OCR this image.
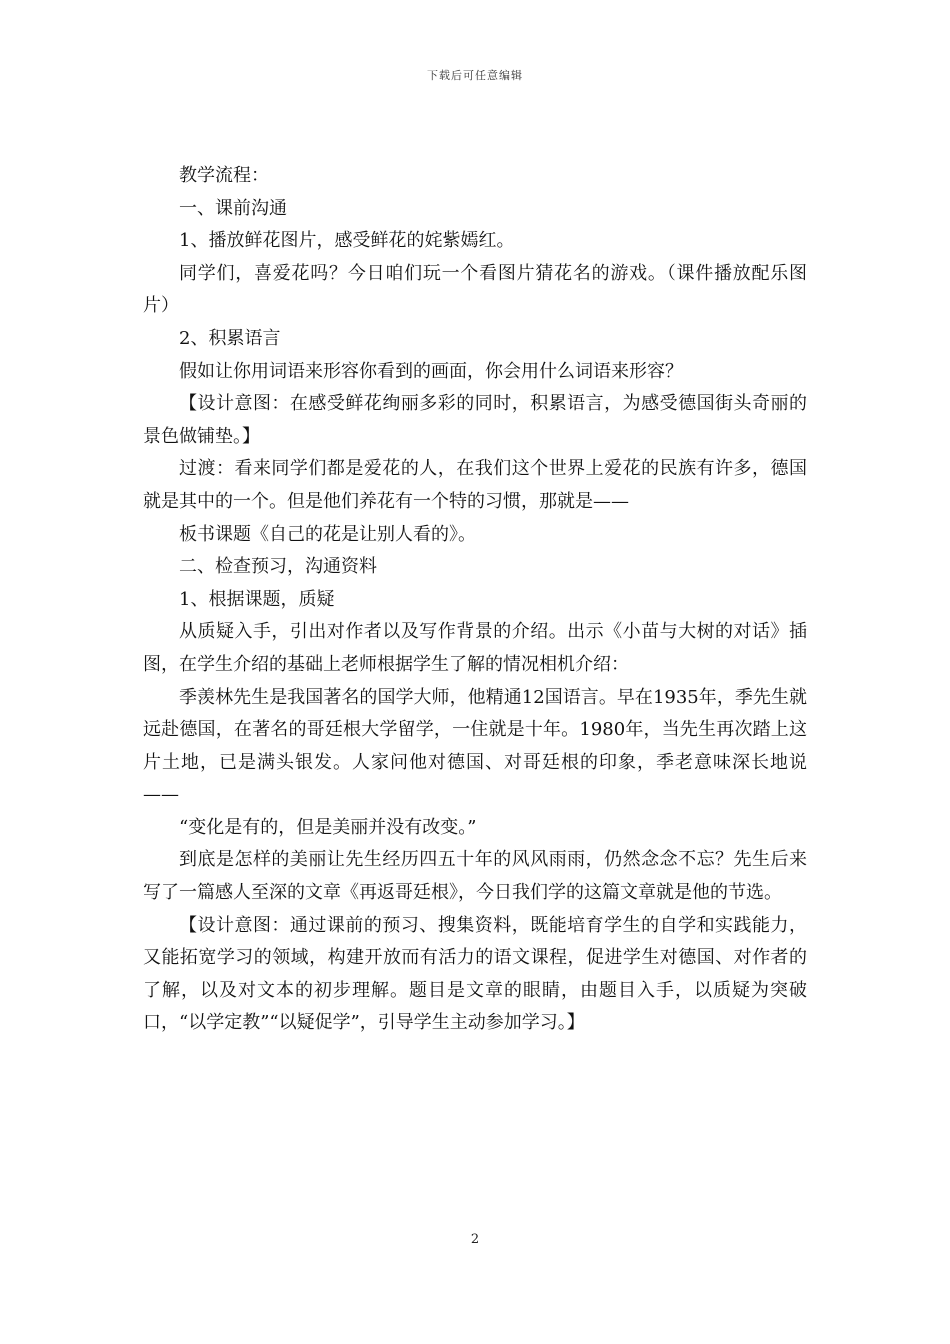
下载后可任意编辑

教学流程：

一、课前沟通

1、播放鲜花图片，感受鲜花的姹紫嫣红。

同学们，喜爱花吗？今日咱们玩一个看图片猜花名的游戏。（课件播放配乐图片）

2、积累语言

假如让你用词语来形容你看到的画面，你会用什么词语来形容？

【设计意图：在感受鲜花绚丽多彩的同时，积累语言，为感受德国街头奇丽的景色做铺垫。】

过渡：看来同学们都是爱花的人，在我们这个世界上爱花的民族有许多，德国就是其中的一个。但是他们养花有一个特的习惯，那就是——

板书课题《自己的花是让别人看的》。

二、检查预习，沟通资料

1、根据课题，质疑

从质疑入手，引出对作者以及写作背景的介绍。出示《小苗与大树的对话》插图，在学生介绍的基础上老师根据学生了解的情况相机介绍：

季羡林先生是我国著名的国学大师，他精通12国语言。早在1935年，季先生就远赴德国，在著名的哥廷根大学留学，一住就是十年。1980年，当先生再次踏上这片土地，已是满头银发。人家问他对德国、对哥廷根的印象，季老意味深长地说——

“变化是有的，但是美丽并没有改变。”

到底是怎样的美丽让先生经历四五十年的风风雨雨，仍然念念不忘？先生后来写了一篇感人至深的文章《再返哥廷根》，今日我们学的这篇文章就是他的节选。

【设计意图：通过课前的预习、搜集资料，既能培育学生的自学和实践能力，又能拓宽学习的领域，构建开放而有活力的语文课程，促进学生对德国、对作者的了解，以及对文本的初步理解。题目是文章的眼睛，由题目入手，以质疑为突破口，“以学定教”“以疑促学”，引导学生主动参加学习。】

2
